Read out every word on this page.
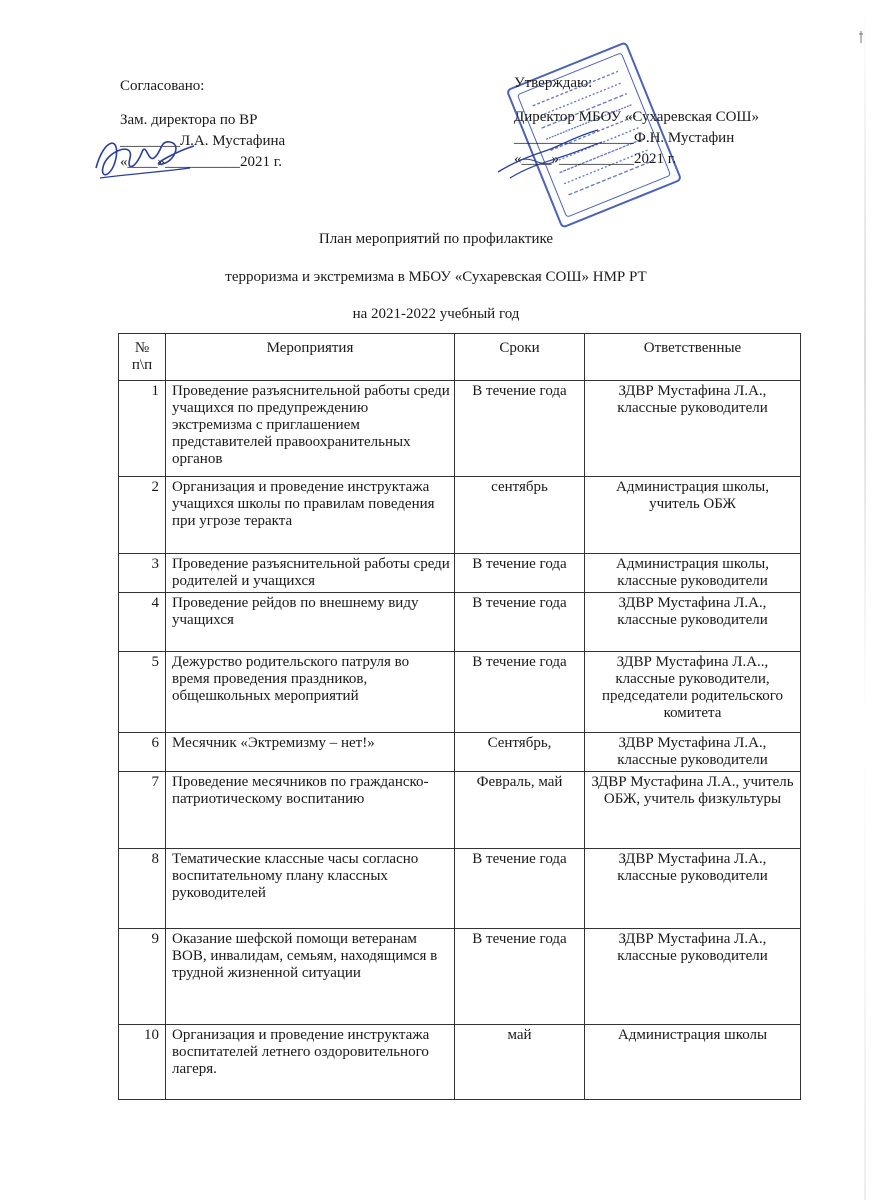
Согласовано:
Зам. директора по ВР
________Л.А. Мустафина
«____»__________2021 г.
Утверждаю:
Директор МБОУ «Сухаревская СОШ»
________________Ф.Н. Мустафин
«____»__________2021 г.
План мероприятий по профилактике
терроризма и экстремизма в МБОУ «Сухаревская СОШ» НМР РТ
на 2021-2022 учебный год
№ п\п	Мероприятия	Сроки	Ответственные
1	Проведение разъяснительной работы среди учащихся по предупреждению экстремизма с приглашением представителей правоохранительных органов	В течение года	ЗДВР Мустафина Л.А., классные руководители
2	Организация и проведение инструктажа учащихся школы по правилам поведения при угрозе теракта	сентябрь	Администрация школы, учитель ОБЖ
3	Проведение разъяснительной работы среди родителей и учащихся	В течение года	Администрация школы, классные руководители
4	Проведение рейдов по внешнему виду учащихся	В течение года	ЗДВР Мустафина Л.А., классные руководители
5	Дежурство родительского патруля во время проведения праздников, общешкольных мероприятий	В течение года	ЗДВР Мустафина Л.А.., классные руководители, председатели родительского комитета
6	Месячник «Эктремизму – нет!»	Сентябрь,	ЗДВР Мустафина Л.А., классные руководители
7	Проведение месячников по гражданско-патриотическому воспитанию	Февраль, май	ЗДВР Мустафина Л.А., учитель ОБЖ, учитель физкультуры
8	Тематические классные часы согласно воспитательному плану классных руководителей	В течение года	ЗДВР Мустафина Л.А., классные руководители
9	Оказание шефской помощи ветеранам ВОВ, инвалидам, семьям, находящимся в трудной жизненной ситуации	В течение года	ЗДВР Мустафина Л.А., классные руководители
10	Организация и проведение инструктажа воспитателей летнего оздоровительного лагеря.	май	Администрация школы
